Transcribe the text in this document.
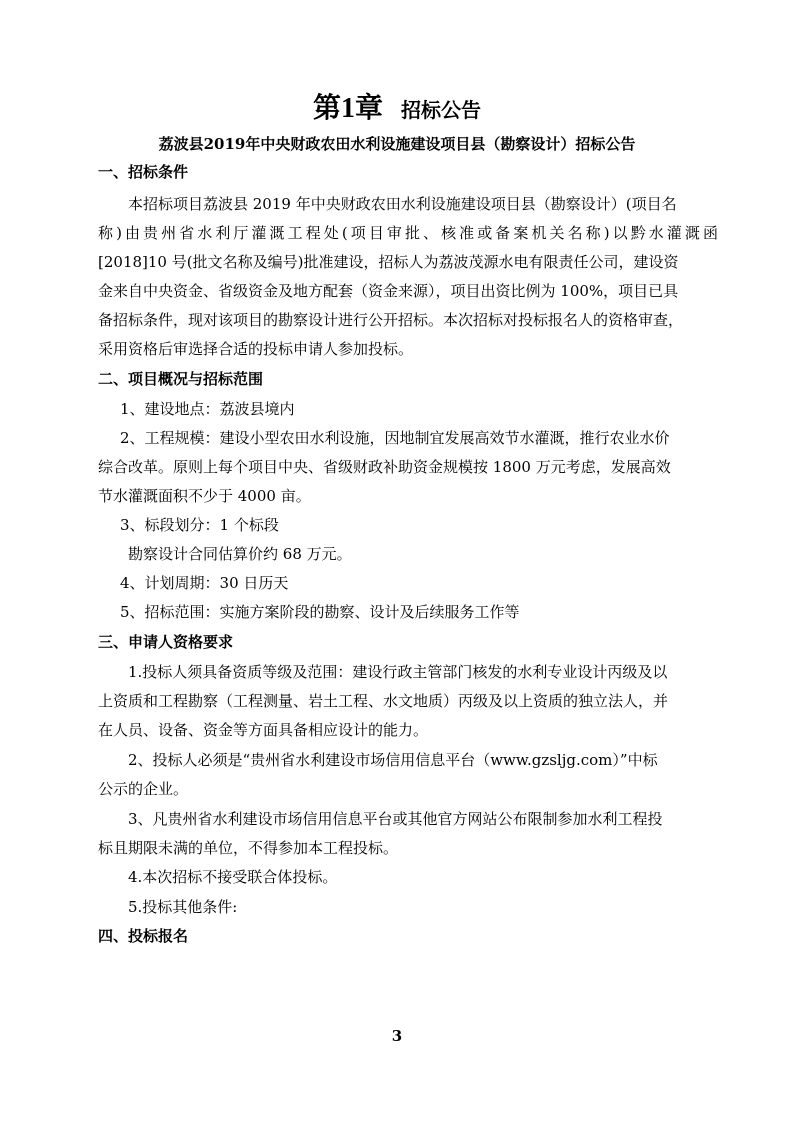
第1章 招标公告
荔波县2019年中央财政农田水利设施建设项目县（勘察设计）招标公告
一、招标条件
本招标项目荔波县 2019 年中央财政农田水利设施建设项目县（勘察设计）(项目名
称)由贵州省水利厅灌溉工程处(项目审批、核准或备案机关名称)以黔水灌溉函
[2018]10 号(批文名称及编号)批准建设，招标人为荔波茂源水电有限责任公司，建设资
金来自中央资金、省级资金及地方配套（资金来源），项目出资比例为 100%，项目已具
备招标条件，现对该项目的勘察设计进行公开招标。本次招标对投标报名人的资格审查，
采用资格后审选择合适的投标申请人参加投标。
二、项目概况与招标范围
1、建设地点：荔波县境内
2、工程规模：建设小型农田水利设施，因地制宜发展高效节水灌溉，推行农业水价
综合改革。原则上每个项目中央、省级财政补助资金规模按 1800 万元考虑，发展高效
节水灌溉面积不少于 4000 亩。
3、标段划分：1 个标段
勘察设计合同估算价约 68 万元。
4、计划周期：30 日历天
5、招标范围：实施方案阶段的勘察、设计及后续服务工作等
三、申请人资格要求
1.投标人须具备资质等级及范围：建设行政主管部门核发的水利专业设计丙级及以
上资质和工程勘察（工程测量、岩土工程、水文地质）丙级及以上资质的独立法人，并
在人员、设备、资金等方面具备相应设计的能力。
2、投标人必须是“贵州省水利建设市场信用信息平台（www.gzsljg.com）”中标
公示的企业。
3、凡贵州省水利建设市场信用信息平台或其他官方网站公布限制参加水利工程投
标且期限未满的单位，不得参加本工程投标。
4.本次招标不接受联合体投标。
5.投标其他条件:
四、投标报名
3
